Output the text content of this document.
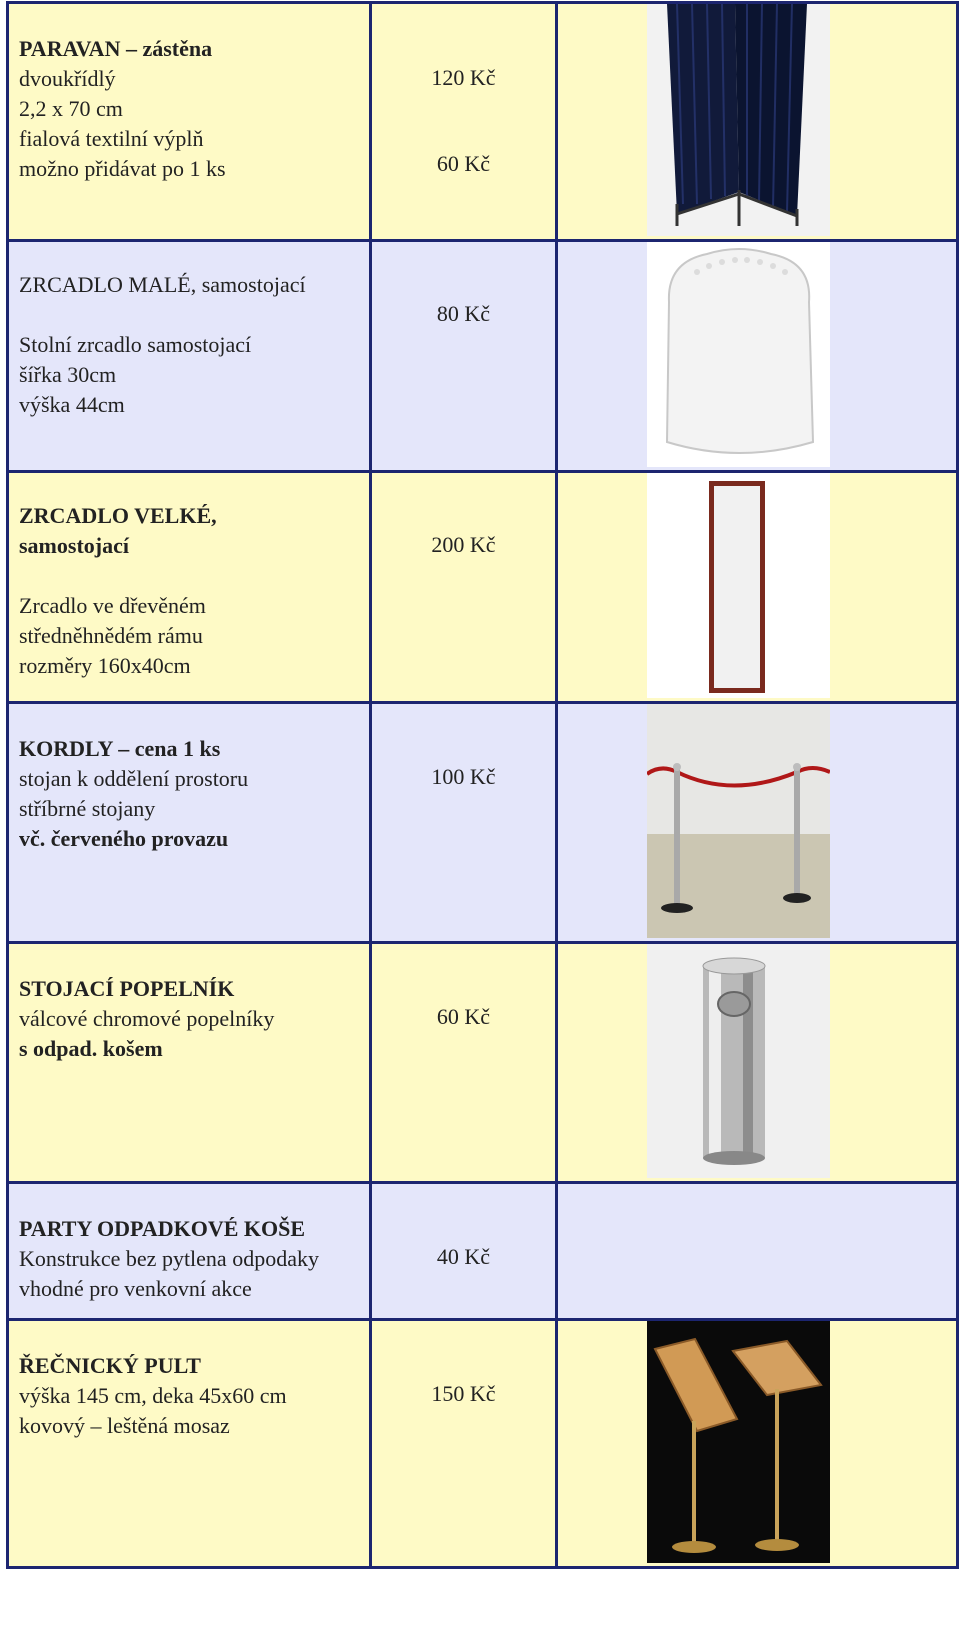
PARAVAN – zástěna
dvoukřídlý
2,2 x 70 cm
fialová textilní výplň
možno přidávat po 1 ks	120 Kč
60 Kč

ZRCADLO MALÉ, samostojací
Stolní zrcadlo samostojací
šířka 30cm
výška 44cm	80 Kč

ZRCADLO VELKÉ,
samostojací
Zrcadlo ve dřevěném
středněhnědém rámu
rozměry 160x40cm	200 Kč

KORDLY – cena 1 ks
stojan k oddělení prostoru
stříbrné stojany
vč. červeného provazu	100 Kč

STOJACÍ POPELNÍK
válcové chromové popelníky
s odpad. košem	60 Kč

PARTY ODPADKOVÉ KOŠE
Konstrukce bez pytlena odpodaky
vhodné pro venkovní akce	40 Kč	

ŘEČNICKÝ PULT
výška 145 cm, deka 45x60 cm
kovový – leštěná mosaz	150 Kč
